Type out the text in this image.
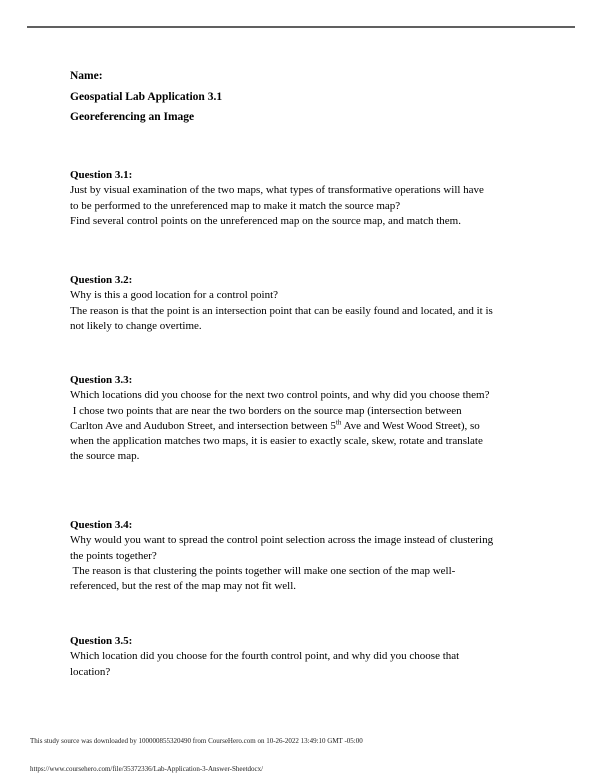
Name:
Geospatial Lab Application 3.1
Georeferencing an Image
Question 3.1:
Just by visual examination of the two maps, what types of transformative operations will have
to be performed to the unreferenced map to make it match the source map?
Find several control points on the unreferenced map on the source map, and match them.
Question 3.2:
Why is this a good location for a control point?
The reason is that the point is an intersection point that can be easily found and located, and it is
not likely to change overtime.
Question 3.3:
Which locations did you choose for the next two control points, and why did you choose them?
I chose two points that are near the two borders on the source map (intersection between
Carlton Ave and Audubon Street, and intersection between 5th Ave and West Wood Street), so
when the application matches two maps, it is easier to exactly scale, skew, rotate and translate
the source map.
Question 3.4:
Why would you want to spread the control point selection across the image instead of clustering
the points together?
The reason is that clustering the points together will make one section of the map well-
referenced, but the rest of the map may not fit well.
Question 3.5:
Which location did you choose for the fourth control point, and why did you choose that
location?
This study source was downloaded by 100000855320490 from CourseHero.com on 10-26-2022 13:49:10 GMT -05:00
https://www.coursehero.com/file/35372336/Lab-Application-3-Answer-Sheetdocx/
